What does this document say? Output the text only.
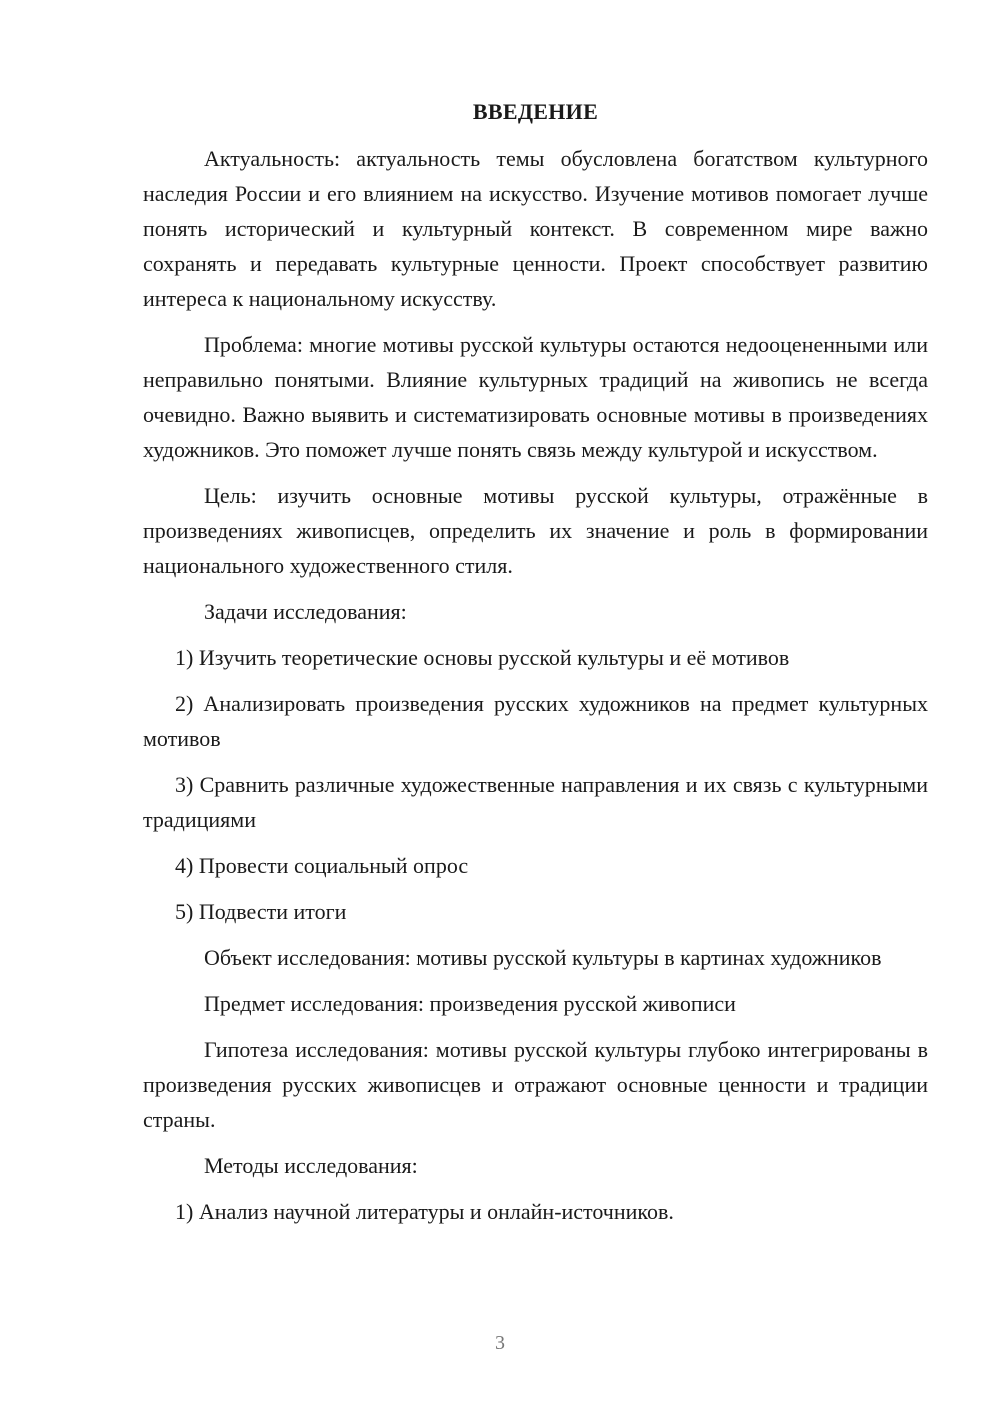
ВВЕДЕНИЕ

Актуальность: актуальность темы обусловлена богатством культурного наследия России и его влиянием на искусство. Изучение мотивов помогает лучше понять исторический и культурный контекст. В современном мире важно сохранять и передавать культурные ценности. Проект способствует развитию интереса к национальному искусству.

Проблема: многие мотивы русской культуры остаются недооцененными или неправильно понятыми. Влияние культурных традиций на живопись не всегда очевидно. Важно выявить и систематизировать основные мотивы в произведениях художников. Это поможет лучше понять связь между культурой и искусством.

Цель: изучить основные мотивы русской культуры, отражённые в произведениях живописцев, определить их значение и роль в формировании национального художественного стиля.

Задачи исследования:

1) Изучить теоретические основы русской культуры и её мотивов

2) Анализировать произведения русских художников на предмет культурных мотивов

3) Сравнить различные художественные направления и их связь с культурными традициями

4) Провести социальный опрос

5) Подвести итоги

Объект исследования: мотивы русской культуры в картинах художников

Предмет исследования: произведения русской живописи

Гипотеза исследования: мотивы русской культуры глубоко интегрированы в произведения русских живописцев и отражают основные ценности и традиции страны.

Методы исследования:

1) Анализ научной литературы и онлайн-источников.

3
